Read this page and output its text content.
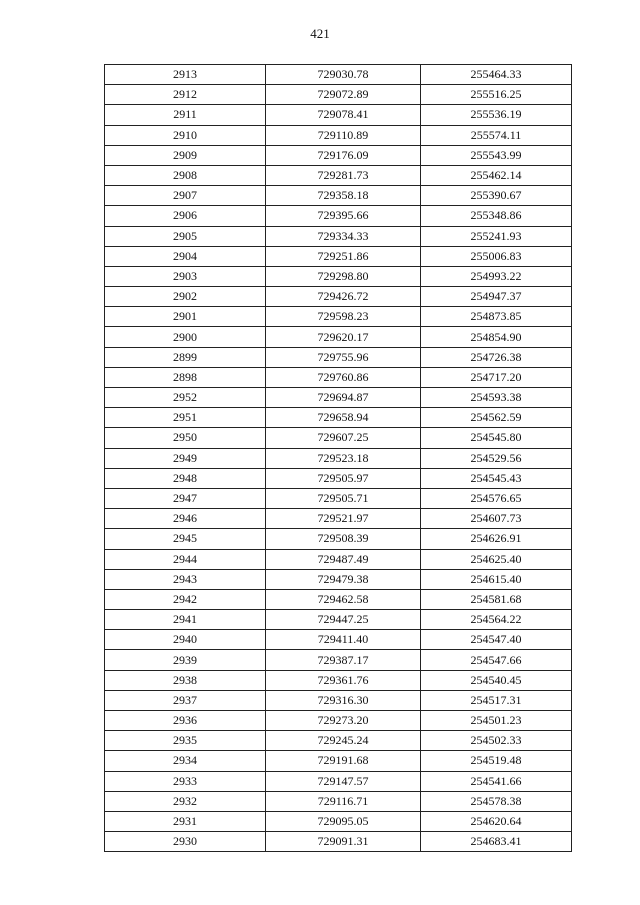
421
2913	729030.78	255464.33
2912	729072.89	255516.25
2911	729078.41	255536.19
2910	729110.89	255574.11
2909	729176.09	255543.99
2908	729281.73	255462.14
2907	729358.18	255390.67
2906	729395.66	255348.86
2905	729334.33	255241.93
2904	729251.86	255006.83
2903	729298.80	254993.22
2902	729426.72	254947.37
2901	729598.23	254873.85
2900	729620.17	254854.90
2899	729755.96	254726.38
2898	729760.86	254717.20
2952	729694.87	254593.38
2951	729658.94	254562.59
2950	729607.25	254545.80
2949	729523.18	254529.56
2948	729505.97	254545.43
2947	729505.71	254576.65
2946	729521.97	254607.73
2945	729508.39	254626.91
2944	729487.49	254625.40
2943	729479.38	254615.40
2942	729462.58	254581.68
2941	729447.25	254564.22
2940	729411.40	254547.40
2939	729387.17	254547.66
2938	729361.76	254540.45
2937	729316.30	254517.31
2936	729273.20	254501.23
2935	729245.24	254502.33
2934	729191.68	254519.48
2933	729147.57	254541.66
2932	729116.71	254578.38
2931	729095.05	254620.64
2930	729091.31	254683.41
